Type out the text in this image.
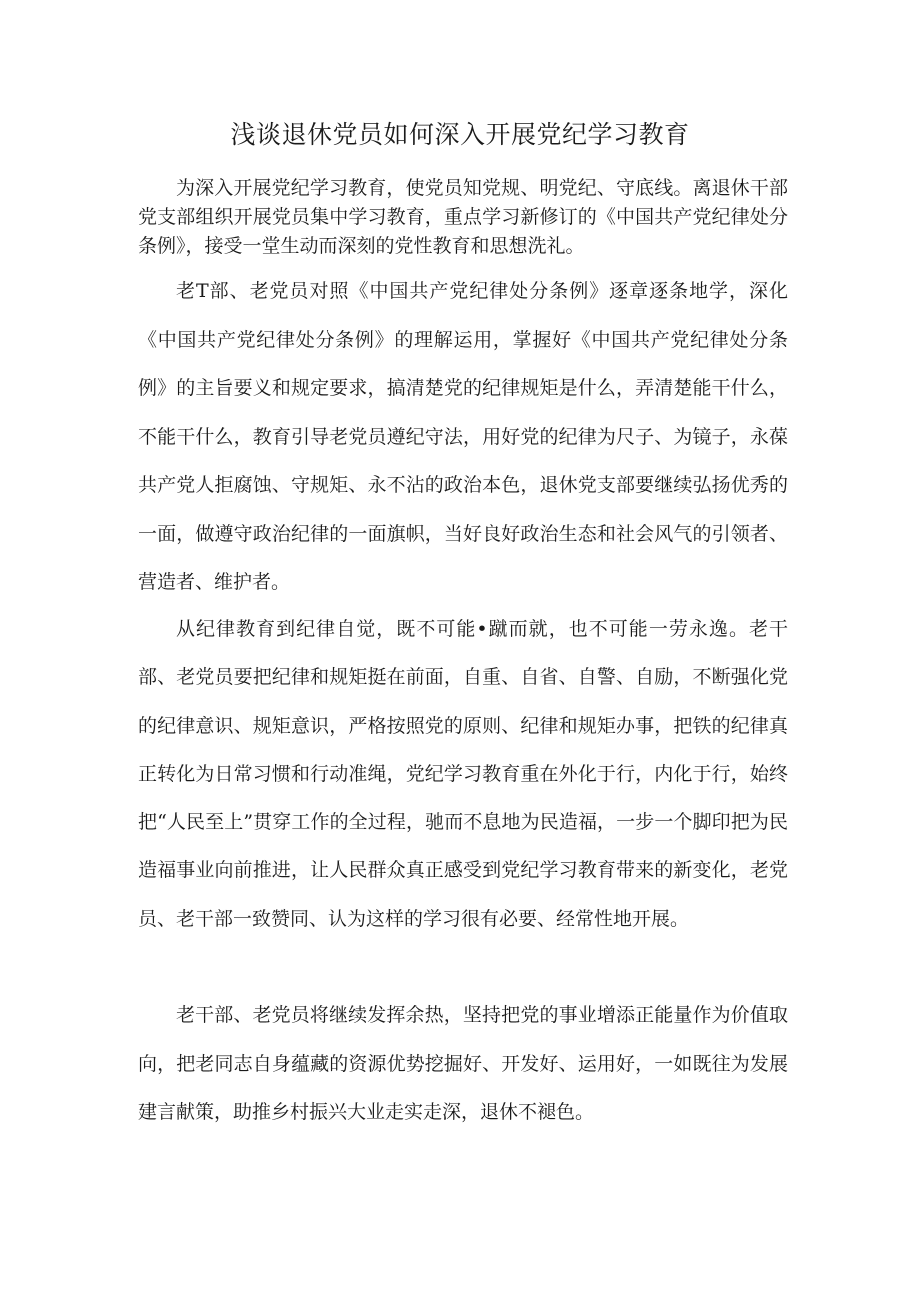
浅谈退休党员如何深入开展党纪学习教育

为深入开展党纪学习教育，使党员知党规、明党纪、守底线。离退休干部党支部组织开展党员集中学习教育，重点学习新修订的《中国共产党纪律处分条例》，接受一堂生动而深刻的党性教育和思想洗礼。

老T部、老党员对照《中国共产党纪律处分条例》逐章逐条地学，深化《中国共产党纪律处分条例》的理解运用，掌握好《中国共产党纪律处分条例》的主旨要义和规定要求，搞清楚党的纪律规矩是什么，弄清楚能干什么，不能干什么，教育引导老党员遵纪守法，用好党的纪律为尺子、为镜子，永葆共产党人拒腐蚀、守规矩、永不沾的政治本色，退休党支部要继续弘扬优秀的一面，做遵守政治纪律的一面旗帜，当好良好政治生态和社会风气的引领者、营造者、维护者。

从纪律教育到纪律自觉，既不可能•蹴而就，也不可能一劳永逸。老干部、老党员要把纪律和规矩挺在前面，自重、自省、自警、自励，不断强化党的纪律意识、规矩意识，严格按照党的原则、纪律和规矩办事，把铁的纪律真正转化为日常习惯和行动准绳，党纪学习教育重在外化于行，内化于行，始终把“人民至上”贯穿工作的全过程，驰而不息地为民造福，一步一个脚印把为民造福事业向前推进，让人民群众真正感受到党纪学习教育带来的新变化，老党员、老干部一致赞同、认为这样的学习很有必要、经常性地开展。

老干部、老党员将继续发挥余热，坚持把党的事业增添正能量作为价值取向，把老同志自身蕴藏的资源优势挖掘好、开发好、运用好，一如既往为发展建言献策，助推乡村振兴大业走实走深，退休不褪色。
